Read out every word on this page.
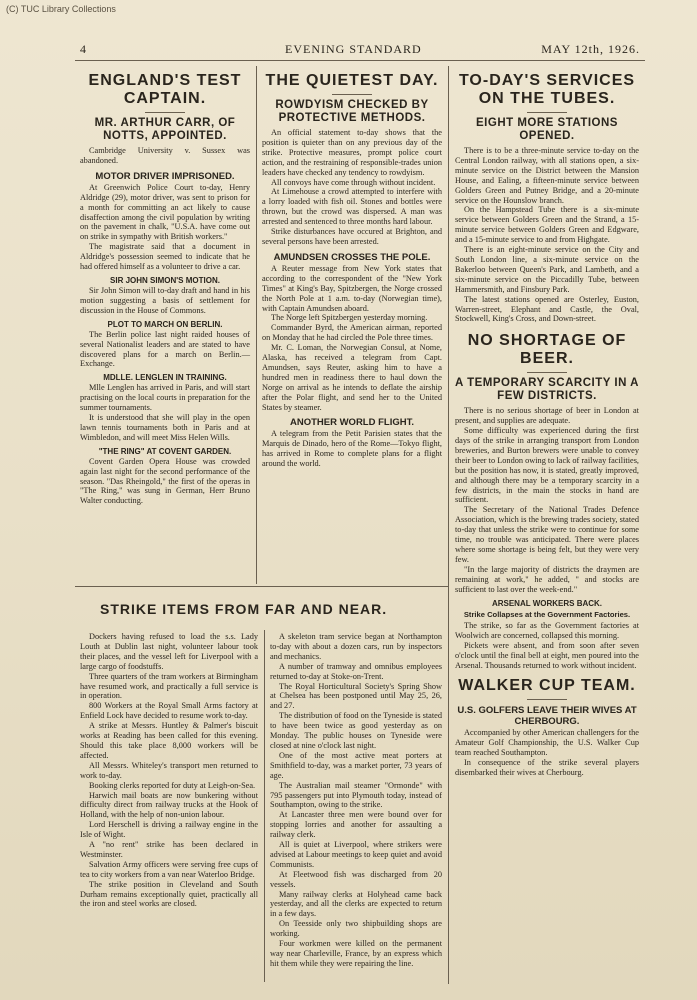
(C) TUC Library Collections
4	EVENING STANDARD	MAY 12th, 1926.
ENGLAND'S TEST CAPTAIN.
MR. ARTHUR CARR, OF NOTTS, APPOINTED.

Cambridge University v. Sussex was abandoned.

MOTOR DRIVER IMPRISONED.

At Greenwich Police Court to-day, Henry Aldridge (29), motor driver, was sent to prison for a month for committing an act likely to cause disaffection among the civil population by writing on the pavement in chalk, "U.S.A. have come out on strike in sympathy with British workers."

The magistrate said that a document in Aldridge's possession seemed to indicate that he had offered himself as a volunteer to drive a car.

SIR JOHN SIMON'S MOTION.

Sir John Simon will to-day draft and hand in his motion suggesting a basis of settlement for discussion in the House of Commons.

PLOT TO MARCH ON BERLIN.

The Berlin police last night raided houses of several Nationalist leaders and are stated to have discovered plans for a march on Berlin.—Exchange.

MDLLE. LENGLEN IN TRAINING.

Mlle Lenglen has arrived in Paris, and will start practising on the local courts in preparation for the summer tournaments.

It is understood that she will play in the open lawn tennis tournaments both in Paris and at Wimbledon, and will meet Miss Helen Wills.

"THE RING" AT COVENT GARDEN.

Covent Garden Opera House was crowded again last night for the second performance of the season. "Das Rheingold," the first of the operas in "The Ring," was sung in German, Herr Bruno Walter conducting.

THE QUIETEST DAY.
ROWDYISM CHECKED BY PROTECTIVE METHODS.

An official statement to-day shows that the position is quieter than on any previous day of the strike. Protective measures, prompt police court action, and the restraining of responsible-trades union leaders have checked any tendency to rowdyism.

All convoys have come through without incident.

At Limehouse a crowd attempted to interfere with a lorry loaded with fish oil. Stones and bottles were thrown, but the crowd was dispersed. A man was arrested and sentenced to three months hard labour.

Strike disturbances have occured at Brighton, and several persons have been arrested.

AMUNDSEN CROSSES THE POLE.

A Reuter message from New York states that according to the correspondent of the "New York Times" at King's Bay, Spitzbergen, the Norge crossed the North Pole at 1 a.m. to-day (Norwegian time), with Captain Amundsen aboard.

The Norge left Spitzbergen yesterday morning.

Commander Byrd, the American airman, reported on Monday that he had circled the Pole three times.

Mr. C. Loman, the Norwegian Consul, at Nome, Alaska, has received a telegram from Capt. Amundsen, says Reuter, asking him to have a hundred men in readiness there to haul down the Norge on arrival as he intends to deflate the airship after the Polar flight, and send her to the United States by steamer.

ANOTHER WORLD FLIGHT.

A telegram from the Petit Parisien states that the Marquis de Dinado, hero of the Rome—Tokyo flight, has arrived in Rome to complete plans for a flight around the world.

TO-DAY'S SERVICES ON THE TUBES.
EIGHT MORE STATIONS OPENED.

There is to be a three-minute service to-day on the Central London railway, with all stations open, a six-minute service on the District between the Mansion House, and Ealing, a fifteen-minute service between Golders Green and Putney Bridge, and a 20-minute service on the Hounslow branch.

On the Hampstead Tube there is a six-minute service between Golders Green and the Strand, a 15-minute service between Golders Green and Edgware, and a 15-minute service to and from Highgate.

There is an eight-minute service on the City and South London line, a six-minute service on the Bakerloo between Queen's Park, and Lambeth, and a six-minute service on the Piccadilly Tube, between Hammersmith, and Finsbury Park.

The latest stations opened are Osterley, Euston, Warren-street, Elephant and Castle, the Oval, Stockwell, King's Cross, and Down-street.

NO SHORTAGE OF BEER.
A TEMPORARY SCARCITY IN A FEW DISTRICTS.

There is no serious shortage of beer in London at present, and supplies are adequate.

Some difficulty was experienced during the first days of the strike in arranging transport from London breweries, and Burton brewers were unable to convey their beer to London owing to lack of railway facilities, but the position has now, it is stated, greatly improved, and although there may be a temporary scarcity in a few districts, in the main the stocks in hand are sufficient.

The Secretary of the National Trades Defence Association, which is the brewing trades society, stated to-day that unless the strike were to continue for some time, no trouble was anticipated. There were places where some shortage is being felt, but they were very few.

"In the large majority of districts the draymen are remaining at work," he added, " and stocks are sufficient to last over the week-end."

ARSENAL WORKERS BACK.
Strike Collapses at the Government Factories.

The strike, so far as the Government factories at Woolwich are concerned, collapsed this morning.

Pickets were absent, and from soon after seven o'clock until the final bell at eight, men poured into the Arsenal. Thousands returned to work without incident.

WALKER CUP TEAM.
U.S. GOLFERS LEAVE THEIR WIVES AT CHERBOURG.

Accompanied by other American challengers for the Amateur Golf Championship, the U.S. Walker Cup team reached Southampton.

In consequence of the strike several players disembarked their wives at Cherbourg.

STRIKE ITEMS FROM FAR AND NEAR.

Dockers having refused to load the s.s. Lady Louth at Dublin last night, volunteer labour took their places, and the vessel left for Liverpool with a large cargo of foodstuffs.

Three quarters of the tram workers at Birmingham have resumed work, and practically a full service is in operation.

800 Workers at the Royal Small Arms factory at Enfield Lock have decided to resume work to-day.

A strike at Messrs. Huntley & Palmer's biscuit works at Reading has been called for this evening. Should this take place 8,000 workers will be affected.

All Messrs. Whiteley's transport men returned to work to-day.

Booking clerks reported for duty at Leigh-on-Sea.

Harwich mail boats are now bunkering without difficulty direct from railway trucks at the Hook of Holland, with the help of non-union labour.

Lord Herschell is driving a railway engine in the Isle of Wight.

A "no rent" strike has been declared in Westminster.

Salvation Army officers were serving free cups of tea to city workers from a van near Waterloo Bridge.

The strike position in Cleveland and South Durham remains exceptionally quiet, practically all the iron and steel works are closed.

A skeleton tram service began at Northampton to-day with about a dozen cars, run by inspectors and mechanics.

A number of tramway and omnibus employees returned to-day at Stoke-on-Trent.

The Royal Horticultural Society's Spring Show at Chelsea has been postponed until May 25, 26, and 27.

The distribution of food on the Tyneside is stated to have been twice as good yesterday as on Monday. The public houses on Tyneside were closed at nine o'clock last night.

One of the most active meat porters at Smithfield to-day, was a market porter, 73 years of age.

The Australian mail steamer "Ormonde" with 795 passengers put into Plymouth today, instead of Southampton, owing to the strike.

At Lancaster three men were bound over for stopping lorries and another for assaulting a railway clerk.

All is quiet at Liverpool, where strikers were advised at Labour meetings to keep quiet and avoid Communists.

At Fleetwood fish was discharged from 20 vessels.

Many railway clerks at Holyhead came back yesterday, and all the clerks are expected to return in a few days.

On Teesside only two shipbuilding shops are working.

Four workmen were killed on the permanent way near Charleville, France, by an express which hit them while they were repairing the line.
